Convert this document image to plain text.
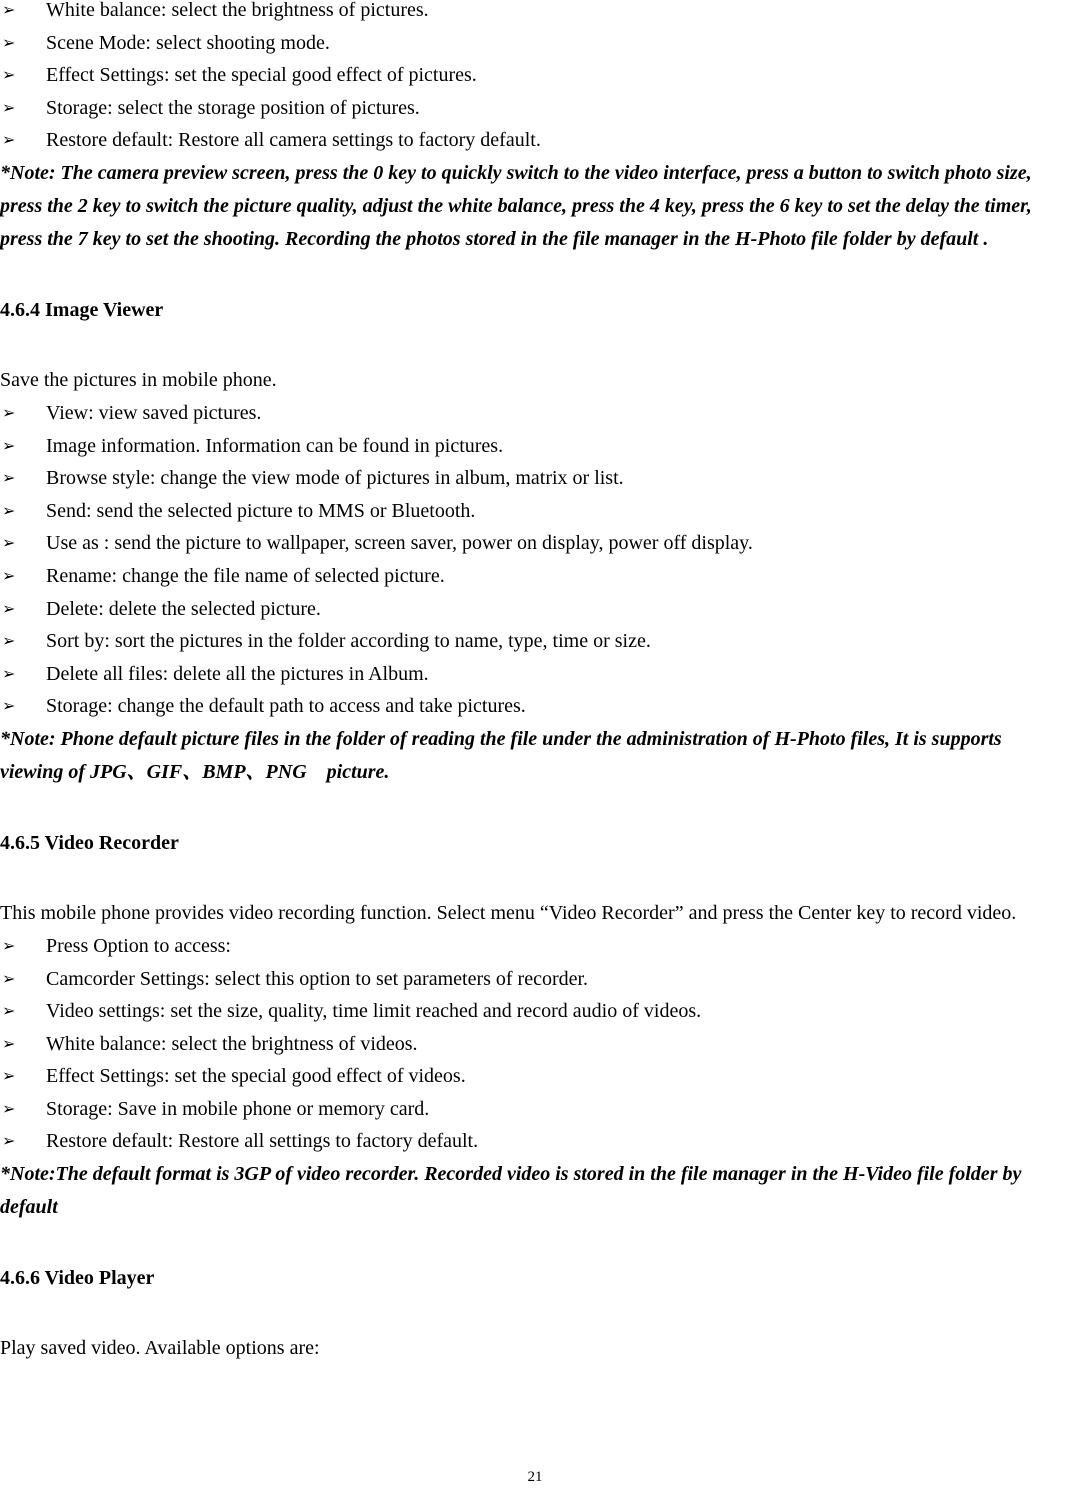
➢ White balance: select the brightness of pictures.
➢ Scene Mode: select shooting mode.
➢ Effect Settings: set the special good effect of pictures.
➢ Storage: select the storage position of pictures.
➢ Restore default: Restore all camera settings to factory default.

*Note: The camera preview screen, press the 0 key to quickly switch to the video interface, press a button to switch photo size, press the 2 key to switch the picture quality, adjust the white balance, press the 4 key, press the 6 key to set the delay the timer, press the 7 key to set the shooting. Recording the photos stored in the file manager in the H-Photo file folder by default .

4.6.4 Image Viewer

Save the pictures in mobile phone.

➢ View: view saved pictures.
➢ Image information. Information can be found in pictures.
➢ Browse style: change the view mode of pictures in album, matrix or list.
➢ Send: send the selected picture to MMS or Bluetooth.
➢ Use as : send the picture to wallpaper, screen saver, power on display, power off display.
➢ Rename: change the file name of selected picture.
➢ Delete: delete the selected picture.
➢ Sort by: sort the pictures in the folder according to name, type, time or size.
➢ Delete all files: delete all the pictures in Album.
➢ Storage: change the default path to access and take pictures.

*Note: Phone default picture files in the folder of reading the file under the administration of H-Photo files, It is supports viewing of JPG、GIF、BMP、PNG　picture.

4.6.5 Video Recorder

This mobile phone provides video recording function. Select menu “Video Recorder” and press the Center key to record video.

➢ Press Option to access:
➢ Camcorder Settings: select this option to set parameters of recorder.
➢ Video settings: set the size, quality, time limit reached and record audio of videos.
➢ White balance: select the brightness of videos.
➢ Effect Settings: set the special good effect of videos.
➢ Storage: Save in mobile phone or memory card.
➢ Restore default: Restore all settings to factory default.

*Note:The default format is 3GP of video recorder. Recorded video is stored in the file manager in the H-Video file folder by default

4.6.6 Video Player

Play saved video. Available options are:

21
